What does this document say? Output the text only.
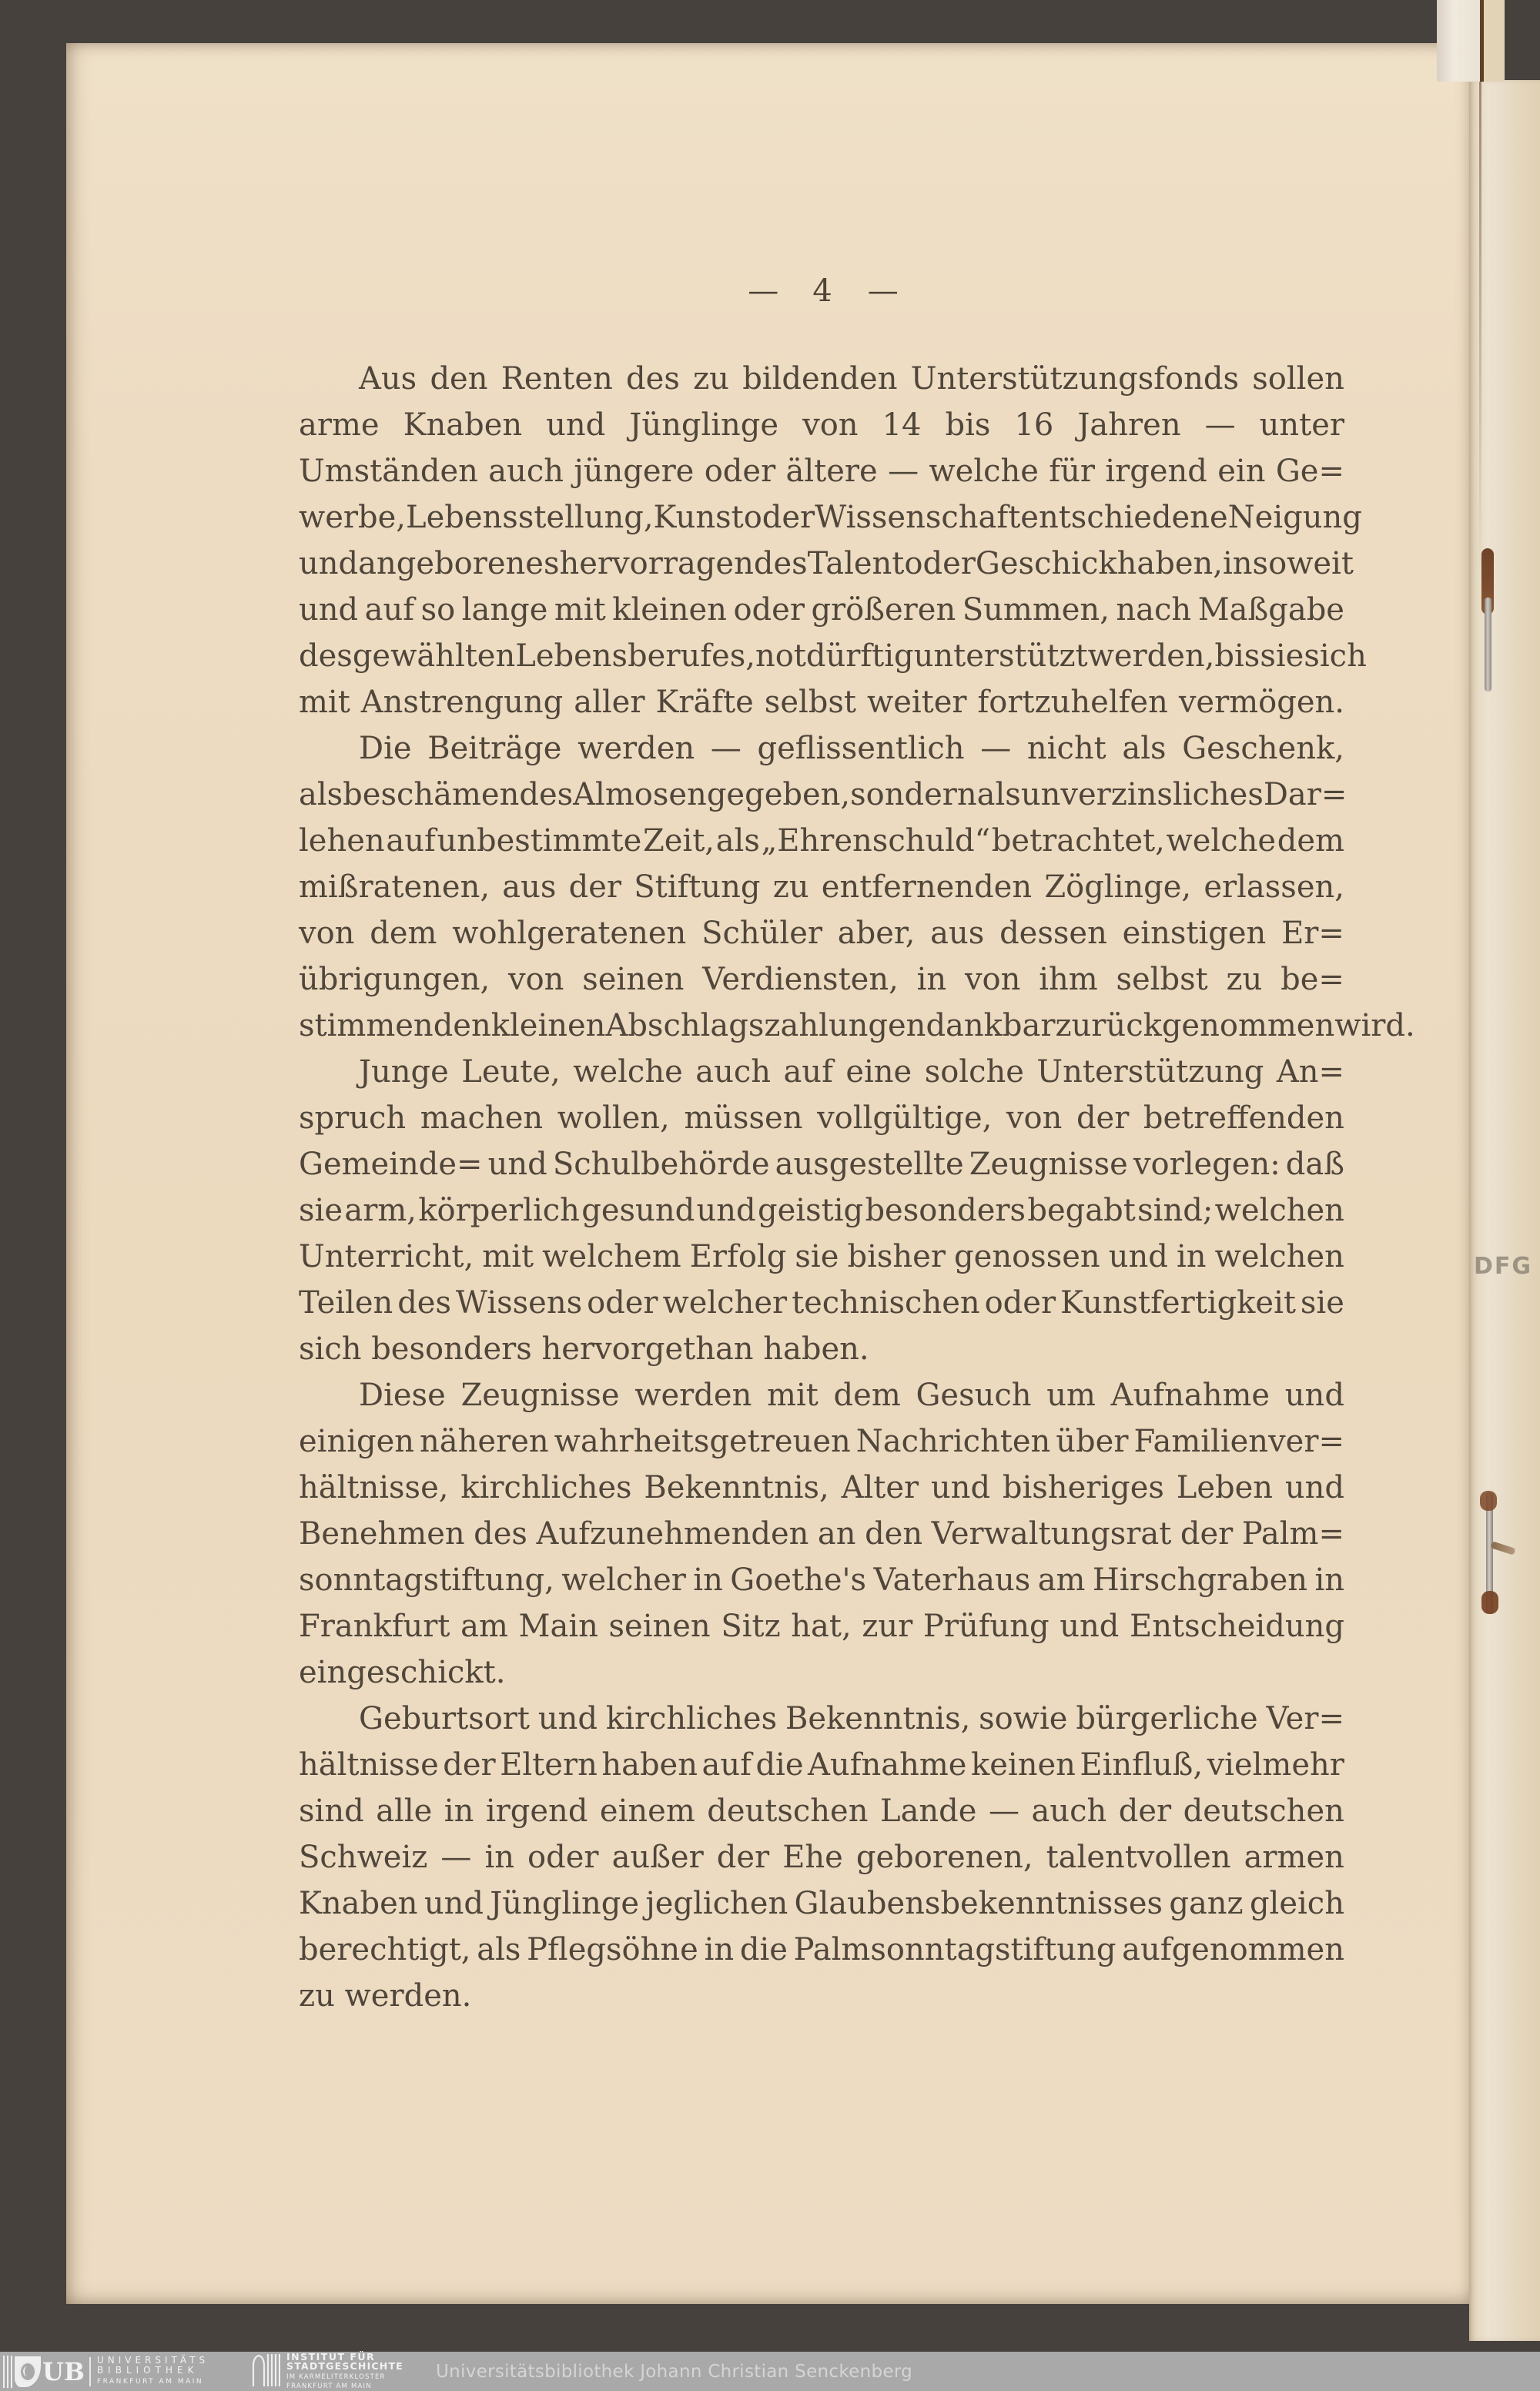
DFG
— 4 —
Aus den Renten des zu bildenden Unterstützungsfonds sollen
arme Knaben und Jünglinge von 14 bis 16 Jahren — unter
Umständen auch jüngere oder ältere — welche für irgend ein Ge=
werbe, Lebensstellung, Kunst oder Wissenschaft entschiedene Neigung
und angeborenes hervorragendes Talent oder Geschick haben, insoweit
und auf so lange mit kleinen oder größeren Summen, nach Maßgabe
des gewählten Lebensberufes, notdürftig unterstützt werden, bis sie sich
mit Anstrengung aller Kräfte selbst weiter fortzuhelfen vermögen.
Die Beiträge werden — geflissentlich — nicht als Geschenk,
als beschämendes Almosen gegeben, sondern als unverzinsliches Dar=
lehen auf unbestimmte Zeit, als „Ehrenschuld“ betrachtet, welche dem
mißratenen, aus der Stiftung zu entfernenden Zöglinge, erlassen,
von dem wohlgeratenen Schüler aber, aus dessen einstigen Er=
übrigungen, von seinen Verdiensten, in von ihm selbst zu be=
stimmenden kleinen Abschlagszahlungen dankbar zurückgenommen wird.
Junge Leute, welche auch auf eine solche Unterstützung An=
spruch machen wollen, müssen vollgültige, von der betreffenden
Gemeinde= und Schulbehörde ausgestellte Zeugnisse vorlegen: daß
sie arm, körperlich gesund und geistig besonders begabt sind; welchen
Unterricht, mit welchem Erfolg sie bisher genossen und in welchen
Teilen des Wissens oder welcher technischen oder Kunstfertigkeit sie
sich besonders hervorgethan haben.
Diese Zeugnisse werden mit dem Gesuch um Aufnahme und
einigen näheren wahrheitsgetreuen Nachrichten über Familienver=
hältnisse, kirchliches Bekenntnis, Alter und bisheriges Leben und
Benehmen des Aufzunehmenden an den Verwaltungsrat der Palm=
sonntagstiftung, welcher in Goethe's Vaterhaus am Hirschgraben in
Frankfurt am Main seinen Sitz hat, zur Prüfung und Entscheidung
eingeschickt.
Geburtsort und kirchliches Bekenntnis, sowie bürgerliche Ver=
hältnisse der Eltern haben auf die Aufnahme keinen Einfluß, vielmehr
sind alle in irgend einem deutschen Lande — auch der deutschen
Schweiz — in oder außer der Ehe geborenen, talentvollen armen
Knaben und Jünglinge jeglichen Glaubensbekenntnisses ganz gleich
berechtigt, als Pflegsöhne in die Palmsonntagstiftung aufgenommen
zu werden.
UB UNIVERSITÄTS
BIBLIOTHEK
FRANKFURT AM MAIN
INSTITUT FÜR
STADTGESCHICHTE
IM KARMELITERKLOSTER
FRANKFURT AM MAIN
Universitätsbibliothek Johann Christian Senckenberg
